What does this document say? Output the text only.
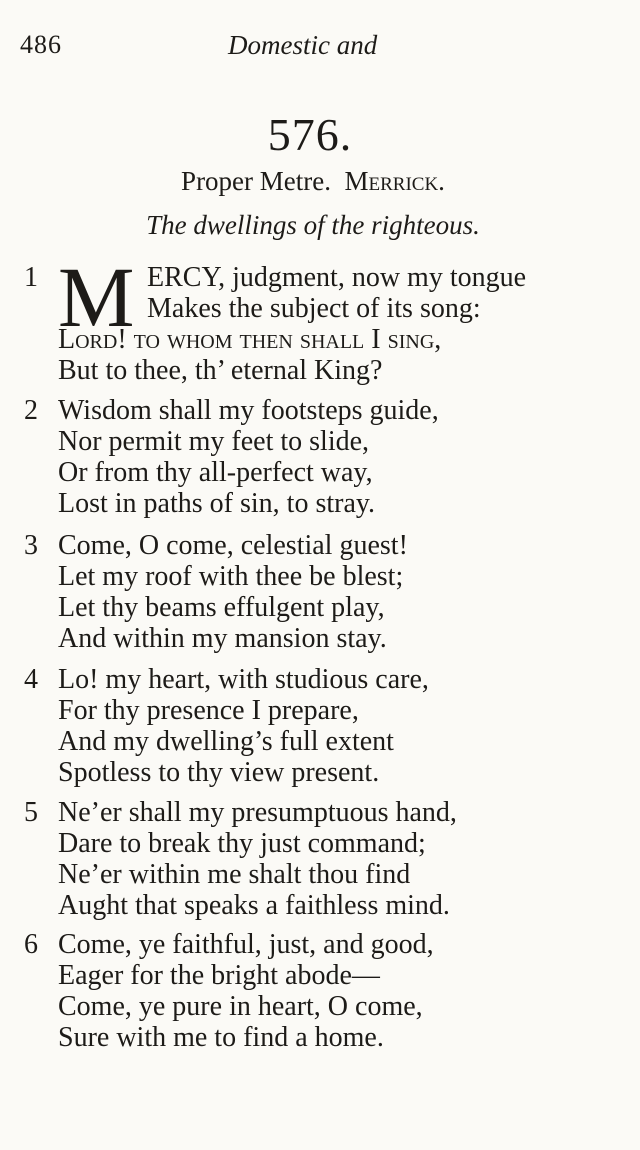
486	Domestic and
576.
Proper Metre. Merrick.
The dwellings of the righteous.
1 M ERCY, judgment, now my tongue
Makes the subject of its song:
Lord! to whom then shall I sing,
But to thee, th’ eternal King?
2 Wisdom shall my footsteps guide,
Nor permit my feet to slide,
Or from thy all-perfect way,
Lost in paths of sin, to stray.
3 Come, O come, celestial guest!
Let my roof with thee be blest;
Let thy beams effulgent play,
And within my mansion stay.
4 Lo! my heart, with studious care,
For thy presence I prepare,
And my dwelling’s full extent
Spotless to thy view present.
5 Ne’er shall my presumptuous hand,
Dare to break thy just command;
Ne’er within me shalt thou find
Aught that speaks a faithless mind.
6 Come, ye faithful, just, and good,
Eager for the bright abode—
Come, ye pure in heart, O come,
Sure with me to find a home.
